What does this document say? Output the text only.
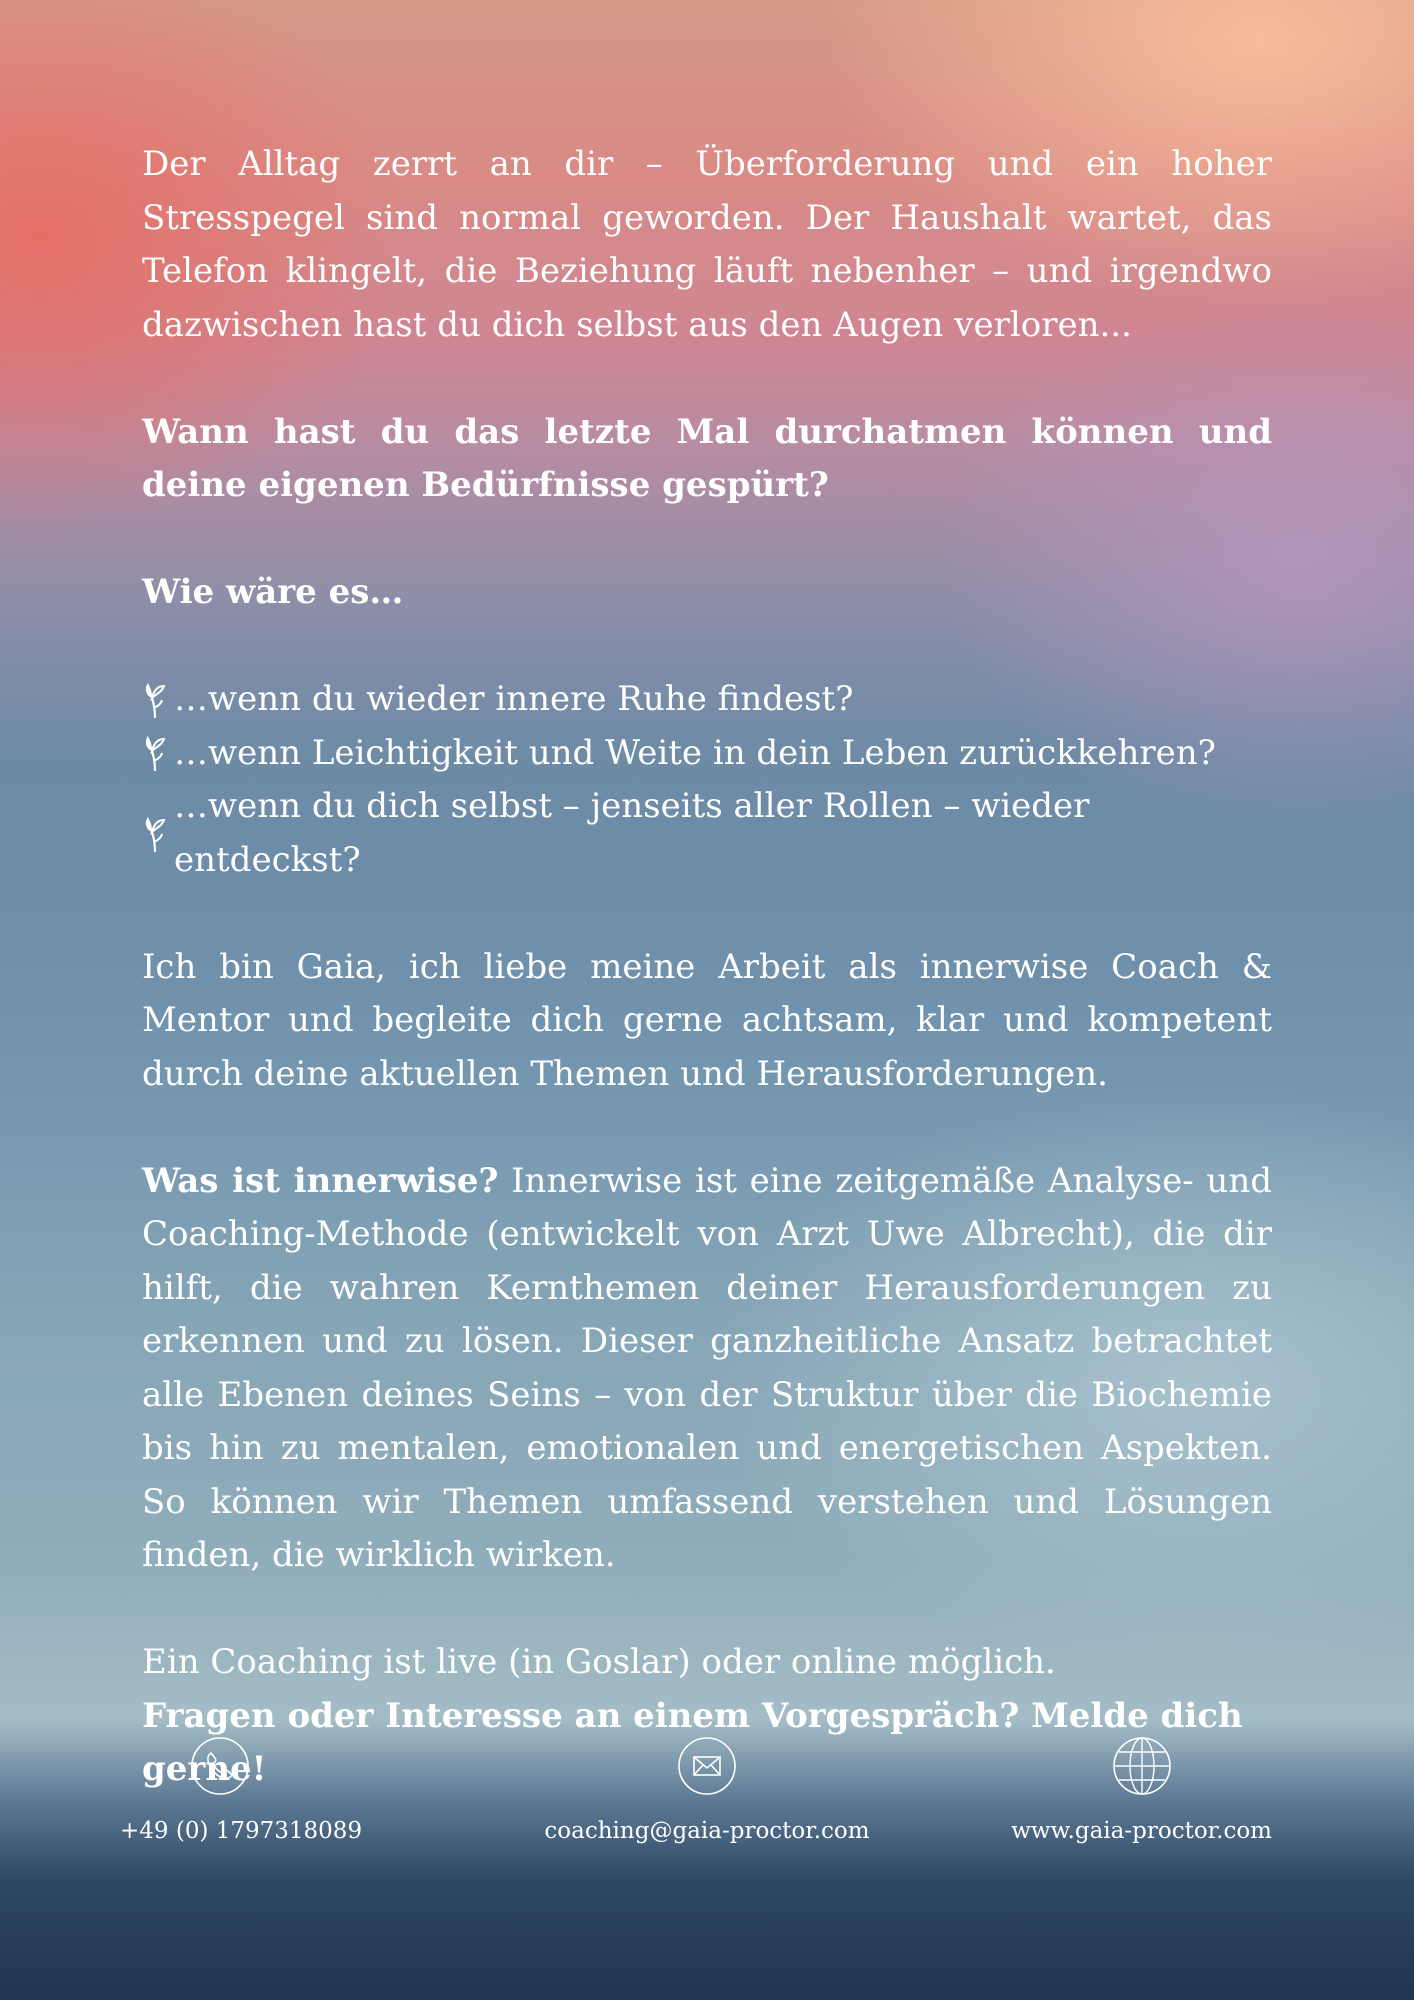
Der Alltag zerrt an dir – Überforderung und ein hoher Stresspegel sind normal geworden. Der Haushalt wartet, das Telefon klingelt, die Beziehung läuft nebenher – und irgendwo dazwischen hast du dich selbst aus den Augen verloren...

Wann hast du das letzte Mal durchatmen können und deine eigenen Bedürfnisse gespürt?

Wie wäre es…

…wenn du wieder innere Ruhe findest?

…wenn Leichtigkeit und Weite in dein Leben zurückkehren?

…wenn du dich selbst – jenseits aller Rollen – wieder entdeckst?

Ich bin Gaia, ich liebe meine Arbeit als innerwise Coach & Mentor und begleite dich gerne achtsam, klar und kompetent durch deine aktuellen Themen und Herausforderungen.

Was ist innerwise? Innerwise ist eine zeitgemäße Analyse- und Coaching-Methode (entwickelt von Arzt Uwe Albrecht), die dir hilft, die wahren Kernthemen deiner Herausforderungen zu erkennen und zu lösen. Dieser ganzheitliche Ansatz betrachtet alle Ebenen deines Seins – von der Struktur über die Biochemie bis hin zu mentalen, emotionalen und energetischen Aspekten. So können wir Themen umfassend verstehen und Lösungen finden, die wirklich wirken.

Ein Coaching ist live (in Goslar) oder online möglich.

Fragen oder Interesse an einem Vorgespräch? Melde dich gerne!

+49 (0) 1797318089	coaching@gaia-proctor.com	www.gaia-proctor.com
